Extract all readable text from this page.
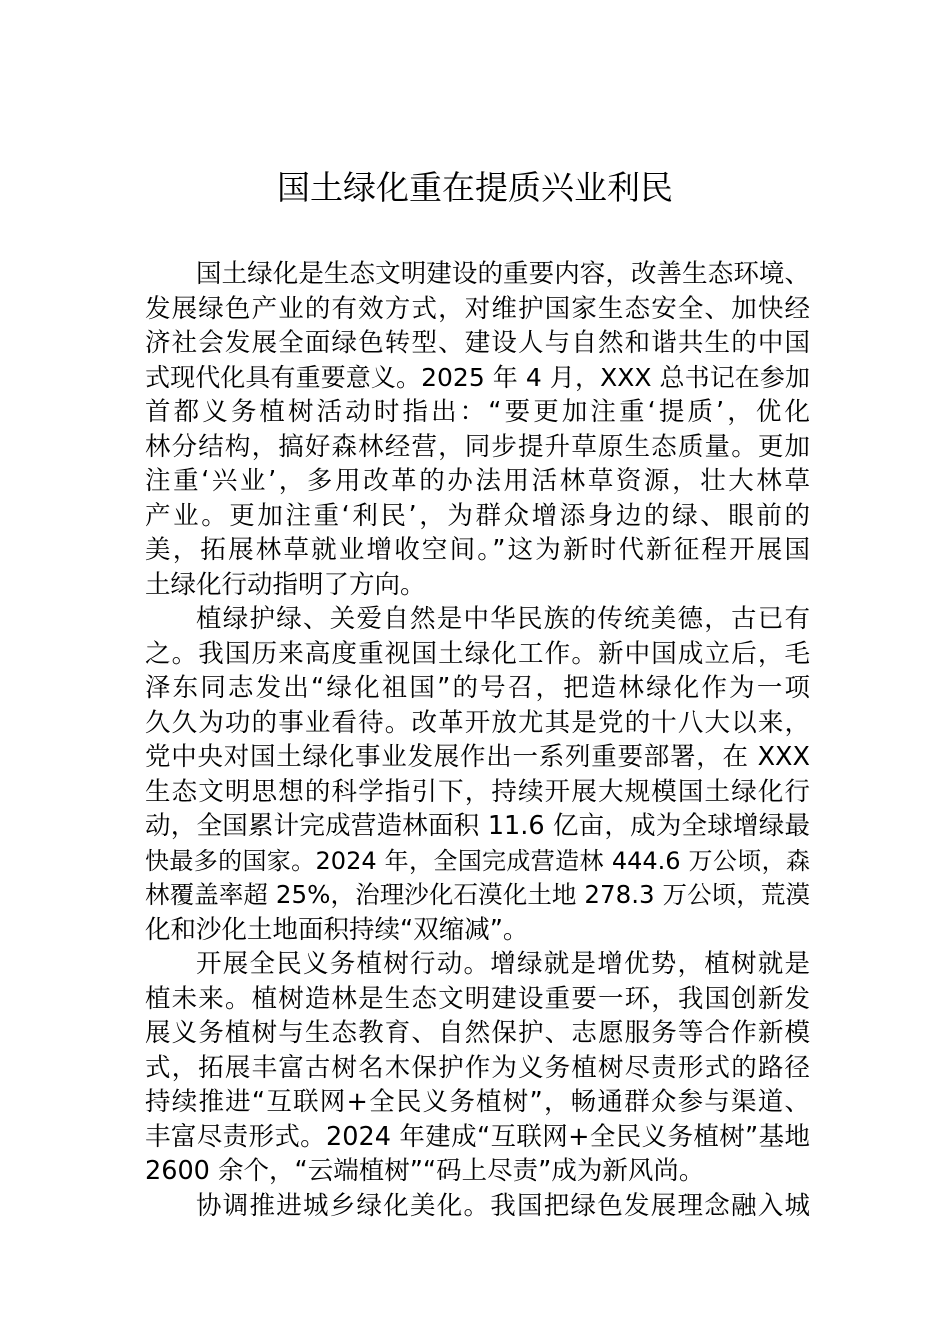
国土绿化重在提质兴业利民
国土绿化是生态文明建设的重要内容，改善生态环境、
发展绿色产业的有效方式，对维护国家生态安全、加快经
济社会发展全面绿色转型、建设人与自然和谐共生的中国
式现代化具有重要意义。2025 年 4 月，XXX 总书记在参加
首都义务植树活动时指出：“要更加注重‘提质’，优化
林分结构，搞好森林经营，同步提升草原生态质量。更加
注重‘兴业’，多用改革的办法用活林草资源，壮大林草
产业。更加注重‘利民’，为群众增添身边的绿、眼前的
美，拓展林草就业增收空间。”这为新时代新征程开展国
土绿化行动指明了方向。
植绿护绿、关爱自然是中华民族的传统美德，古已有
之。我国历来高度重视国土绿化工作。新中国成立后，毛
泽东同志发出“绿化祖国”的号召，把造林绿化作为一项
久久为功的事业看待。改革开放尤其是党的十八大以来，
党中央对国土绿化事业发展作出一系列重要部署，在 XXX
生态文明思想的科学指引下，持续开展大规模国土绿化行
动，全国累计完成营造林面积 11.6 亿亩，成为全球增绿最
快最多的国家。2024 年，全国完成营造林 444.6 万公顷，森
林覆盖率超 25%，治理沙化石漠化土地 278.3 万公顷，荒漠
化和沙化土地面积持续“双缩减”。
开展全民义务植树行动。增绿就是增优势，植树就是
植未来。植树造林是生态文明建设重要一环，我国创新发
展义务植树与生态教育、自然保护、志愿服务等合作新模
式，拓展丰富古树名木保护作为义务植树尽责形式的路径
持续推进“互联网+全民义务植树”，畅通群众参与渠道、
丰富尽责形式。2024 年建成“互联网+全民义务植树”基地
2600 余个，“云端植树”“码上尽责”成为新风尚。
协调推进城乡绿化美化。我国把绿色发展理念融入城
